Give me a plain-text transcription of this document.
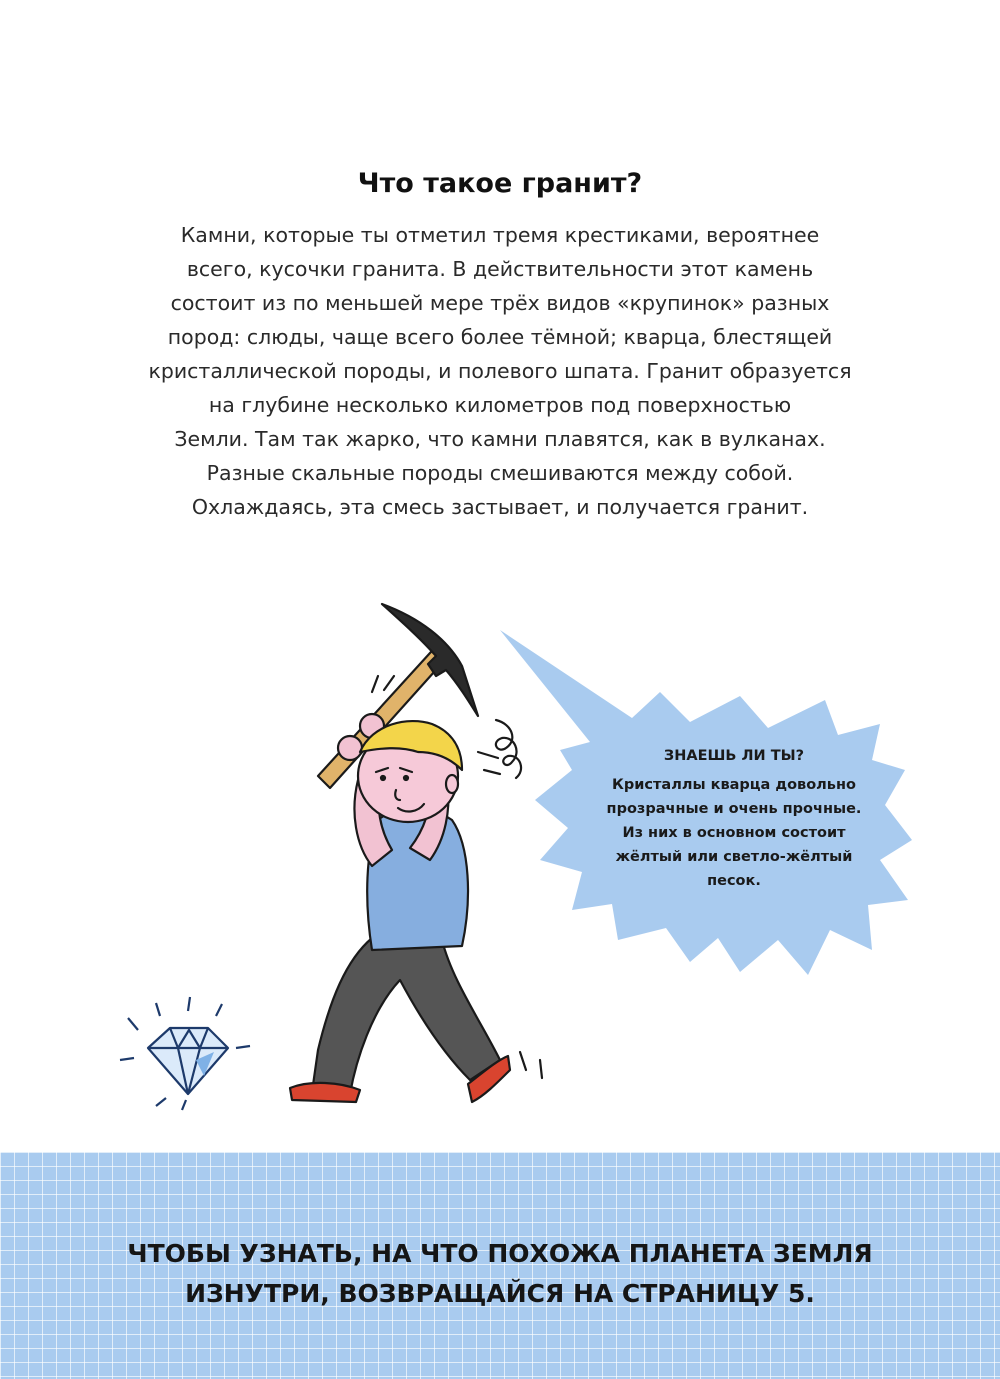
Что такое гранит?
Камни, которые ты отметил тремя крестиками, вероятнее
всего, кусочки гранита. В действительности этот камень
состоит из по меньшей мере трёх видов «крупинок» разных
пород: слюды, чаще всего более тёмной; кварца, блестящей
кристаллической породы, и полевого шпата. Гранит образуется
на глубине несколько километров под поверхностью
Земли. Там так жарко, что камни плавятся, как в вулканах.
Разные скальные породы смешиваются между собой.
Охлаждаясь, эта смесь застывает, и получается гранит.
ЗНАЕШЬ ЛИ ТЫ?
Кристаллы кварца довольно
прозрачные и очень прочные.
Из них в основном состоит
жёлтый или светло-жёлтый
песок.
ЧТОБЫ УЗНАТЬ, НА ЧТО ПОХОЖА ПЛАНЕТА ЗЕМЛЯ
ИЗНУТРИ, ВОЗВРАЩАЙСЯ НА СТРАНИЦУ 5.
